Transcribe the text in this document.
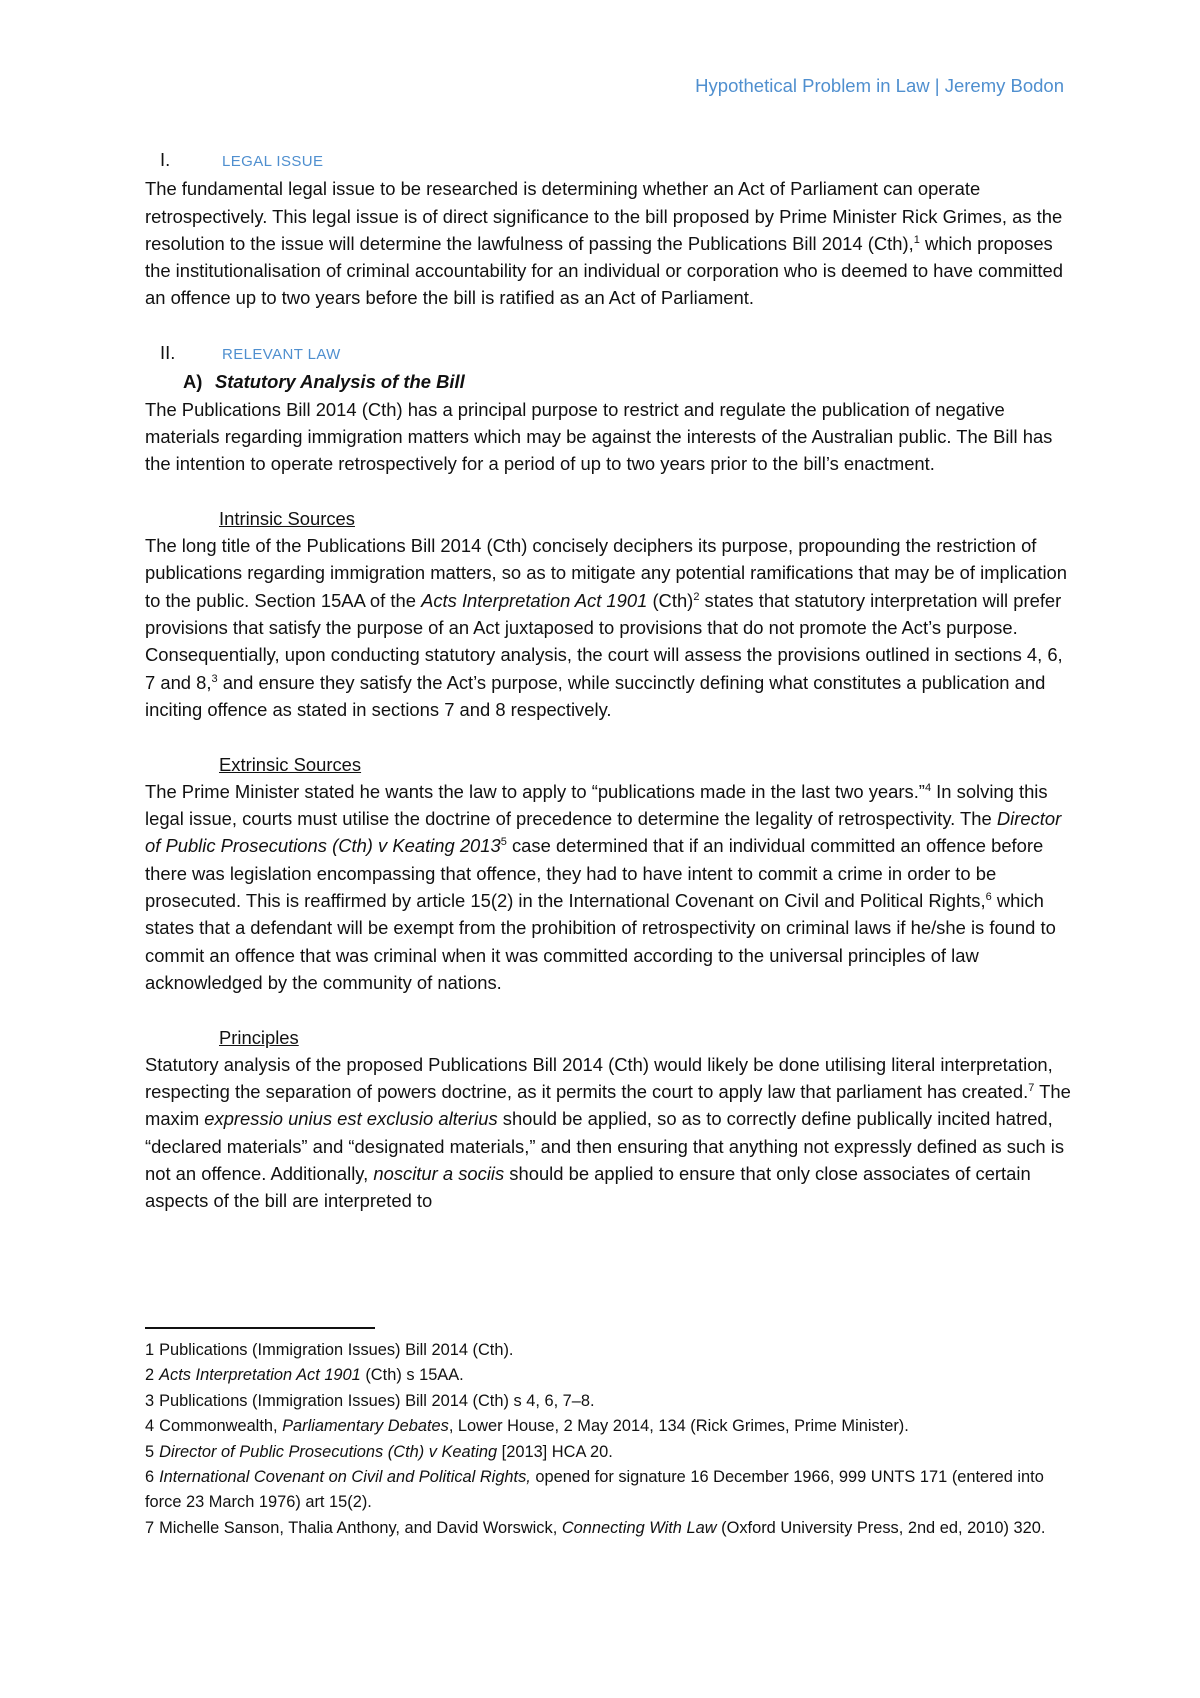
Hypothetical Problem in Law | Jeremy Bodon
I.	LEGAL ISSUE

The fundamental legal issue to be researched is determining whether an Act of Parliament can operate retrospectively. This legal issue is of direct significance to the bill proposed by Prime Minister Rick Grimes, as the resolution to the issue will determine the lawfulness of passing the Publications Bill 2014 (Cth),$^1$ which proposes the institutionalisation of criminal accountability for an individual or corporation who is deemed to have committed an offence up to two years before the bill is ratified as an Act of Parliament.

II.	RELEVANT LAW
A) Statutory Analysis of the Bill

The Publications Bill 2014 (Cth) has a principal purpose to restrict and regulate the publication of negative materials regarding immigration matters which may be against the interests of the Australian public. The Bill has the intention to operate retrospectively for a period of up to two years prior to the bill’s enactment.

Intrinsic Sources

The long title of the Publications Bill 2014 (Cth) concisely deciphers its purpose, propounding the restriction of publications regarding immigration matters, so as to mitigate any potential ramifications that may be of implication to the public. Section 15AA of the Acts Interpretation Act 1901 (Cth)$^2$ states that statutory interpretation will prefer provisions that satisfy the purpose of an Act juxtaposed to provisions that do not promote the Act’s purpose. Consequentially, upon conducting statutory analysis, the court will assess the provisions outlined in sections 4, 6, 7 and 8,$^3$ and ensure they satisfy the Act’s purpose, while succinctly defining what constitutes a publication and inciting offence as stated in sections 7 and 8 respectively.

Extrinsic Sources

The Prime Minister stated he wants the law to apply to “publications made in the last two years.”$^4$ In solving this legal issue, courts must utilise the doctrine of precedence to determine the legality of retrospectivity. The Director of Public Prosecutions (Cth) v Keating 2013$^5$ case determined that if an individual committed an offence before there was legislation encompassing that offence, they had to have intent to commit a crime in order to be prosecuted. This is reaffirmed by article 15(2) in the International Covenant on Civil and Political Rights,$^6$ which states that a defendant will be exempt from the prohibition of retrospectivity on criminal laws if he/she is found to commit an offence that was criminal when it was committed according to the universal principles of law acknowledged by the community of nations.

Principles

Statutory analysis of the proposed Publications Bill 2014 (Cth) would likely be done utilising literal interpretation, respecting the separation of powers doctrine, as it permits the court to apply law that parliament has created.$^7$ The maxim expressio unius est exclusio alterius should be applied, so as to correctly define publically incited hatred, “declared materials” and “designated materials,” and then ensuring that anything not expressly defined as such is not an offence. Additionally, noscitur a sociis should be applied to ensure that only close associates of certain aspects of the bill are interpreted to

1 Publications (Immigration Issues) Bill 2014 (Cth).
2 Acts Interpretation Act 1901 (Cth) s 15AA.
3 Publications (Immigration Issues) Bill 2014 (Cth) s 4, 6, 7–8.
4 Commonwealth, Parliamentary Debates, Lower House, 2 May 2014, 134 (Rick Grimes, Prime Minister).
5 Director of Public Prosecutions (Cth) v Keating [2013] HCA 20.
6 International Covenant on Civil and Political Rights, opened for signature 16 December 1966, 999 UNTS 171 (entered into force 23 March 1976) art 15(2).
7 Michelle Sanson, Thalia Anthony, and David Worswick, Connecting With Law (Oxford University Press, 2nd ed, 2010) 320.
